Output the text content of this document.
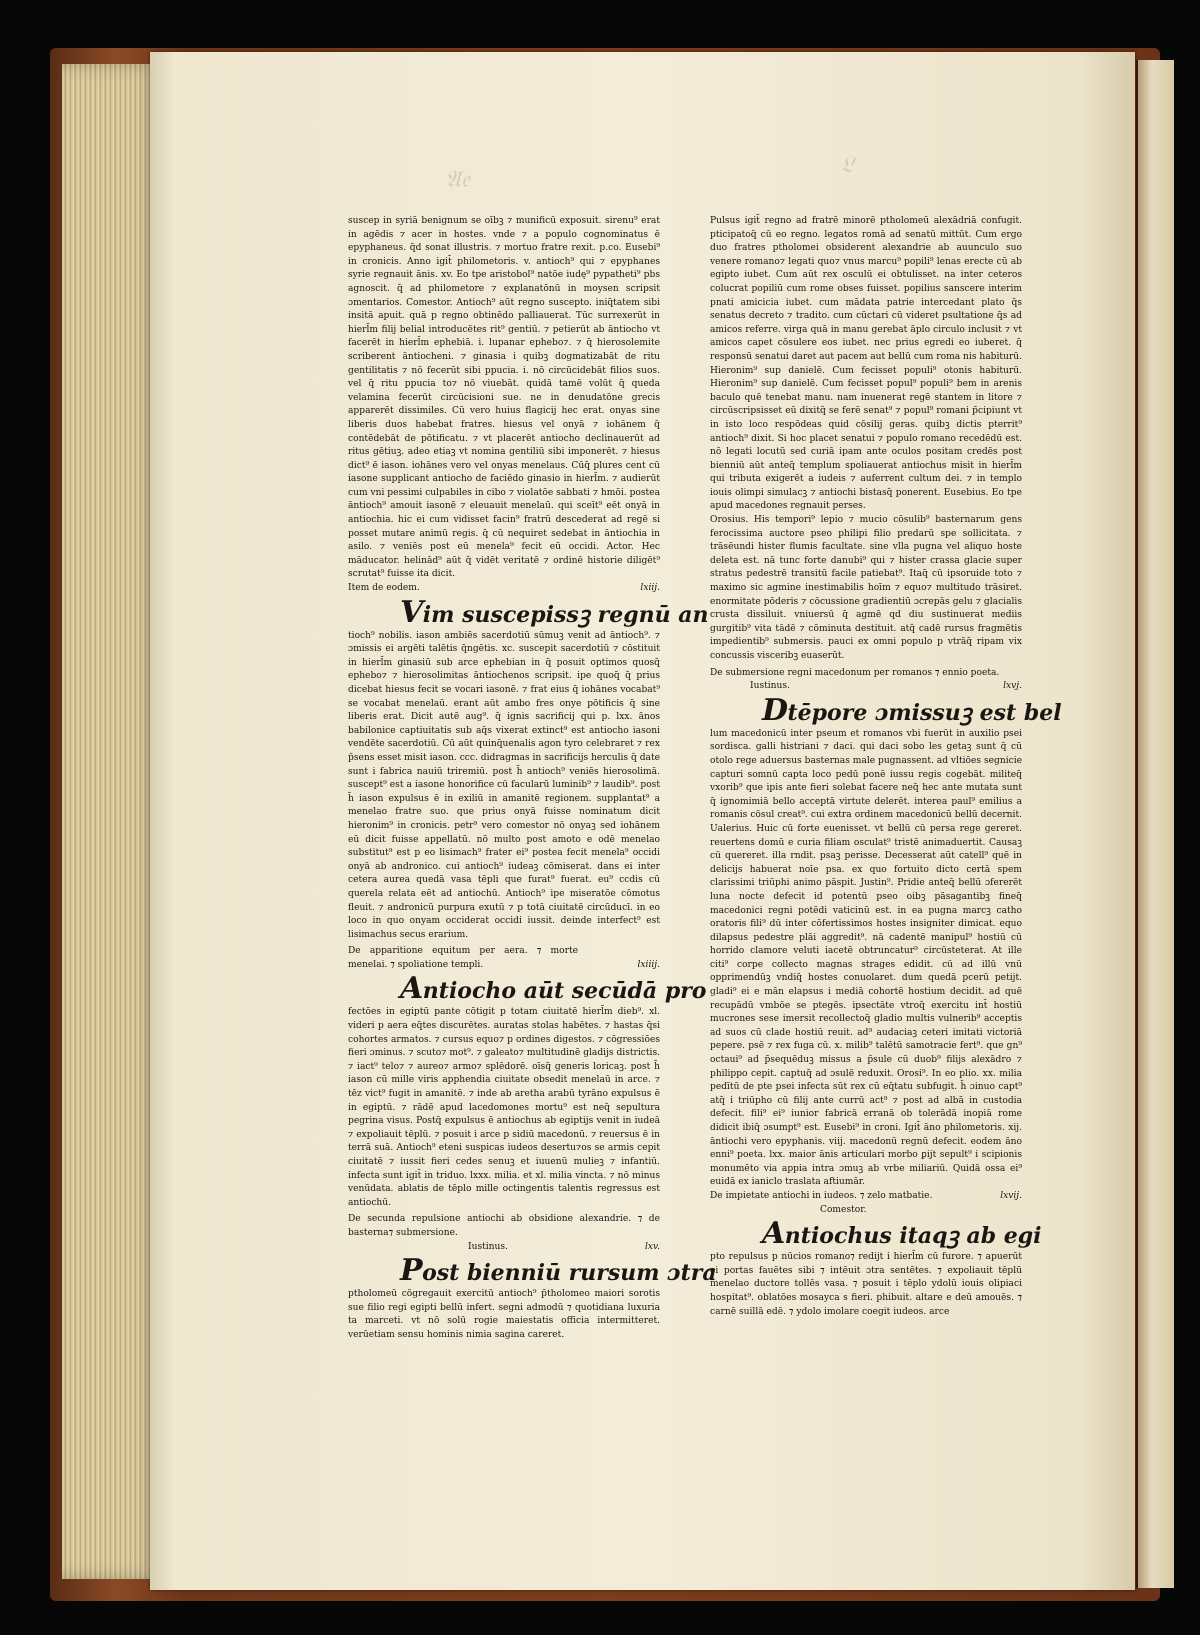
𝔄𝔢
𝔏

suscep in syriā benignum se oībꝫ ⁊ munificū exposuit. sirenu⁹ erat in agēdis ⁊ acer in hostes. vnde ⁊ a populo cognominatus ē epyphaneus. q̄d sonat illustris. ⁊ mortuo fratre rexit. p.co. Eusebi⁹ in cronicis. Anno igit̄ philometoris. v. antioch⁹ qui ⁊ epyphanes syrie regnauit ānis. xv. Eo tpe aristobol⁹ natōe iudę⁹ pypatheti⁹ pbs agnoscit. q̄ ad philometore ⁊ explanatōnū in moysen scripsit ɔmentarios. Comestor. Antioch⁹ aūt regno suscepto. iniq̄tatem sibi insitā apuit. quā p regno obtinēdo palliauerat. Tūc surrexerūt in hierl̄m filij belial introducētes rit⁹ gentiū. ⁊ petierūt ab āntiocho vt facerēt in hierl̄m ephebiā. i. lupanar ephebo⁊. ⁊ q̄ hierosolemite scriberent āntiocheni. ⁊ ginasia i quibꝫ dogmatizabāt de ritu gentilitatis ⁊ nō fecerūt sibi ppucia. i. nō circūcidebāt filios suos. vel q̄ ritu ppucia to⁊ nō viuebāt. quidā tamē volūt q̄ queda velamina fecerūt circūcisioni sue. ne in denudatōne grecis apparerēt dissimiles. Cū vero huius flagicij hec erat. onyas sine liberis duos habebat fratres. hiesus vel onyā ⁊ iohānem q̄ contēdebāt de pōtificatu. ⁊ vt placerēt antiocho declinauerūt ad ritus gētiuꝫ. adeo etiaꝫ vt nomina gentiliū sibi imponerēt. ⁊ hiesus dict⁹ ē iason. iohānes vero vel onyas menelaus. Cūq̄ plures cent cū iasone supplicant antiocho de faciēdo ginasio in hierl̄m. ⁊ audierūt cum vni pessimi culpabiles in cibo ⁊ violatōe sabbati ⁊ hmōi. postea āntioch⁹ amouit iasonē ⁊ eleuauit menelaū. qui sceīt⁹ eēt onyā in antiochia. hic ei cum vidisset facin⁹ fratrū descederat ad regē si posset mutare animū regis. q̄ cū nequiret sedebat in āntiochia in asilo. ⁊ veniēs post eū menela⁹ fecit eū occidi. Actor. Hec māducator. helinād⁹ aūt q̄ vidēt veritatē ⁊ ordinē historie diligēt⁹ scrutat⁹ fuisse ita dicit.

Item de eodem.	lxiij.
V im suscepissꝫ regnū an

tioch⁹ nobilis. iason ambiēs sacerdotiū sūmuꝫ venit ad āntioch⁹. ⁊ ɔmissis ei argēti talētis q̄ngētis. xc. suscepit sacerdotiū ⁊ cōstituit in hierl̄m ginasiū sub arce ephebian in q̄ posuit optimos quosq̄ ephebo⁊ ⁊ hierosolimitas āntiochenos scripsit. ipe quoq̄ q̄ prius dicebat hiesus fecit se vocari iasonē. ⁊ frat eius q̄ iohānes vocabat⁹ se vocabat menelaū. erant aūt ambo fres onye pōtificis q̄ sine liberis erat. Dicit autē aug⁹. q̄ ignis sacrificij qui p. lxx. ānos babilonice captiuitatis sub aq̄s vixerat extinct⁹ est antiocho iasoni vendēte sacerdotiū. Cū aūt quinq̄uenalis agon tyro celebraret ⁊ rex p̄sens esset misit iason. ccc. didragmas in sacrificijs herculis q̄ date sunt i fabrica nauiū triremiū. post h̄ antioch⁹ veniēs hierosolimā. suscept⁹ est a iasone honorifice cū facularū luminib⁹ ⁊ laudib⁹. post h̄ iason expulsus ē in exiliū in amanitē regionem. supplantat⁹ a menelao fratre suo. que prius onyā fuisse nominatum dicit hieronim⁹ in cronicis. petr⁹ vero comestor nō onyaꝫ sed iohānem eū dicit fuisse appellatū. nō multo post amoto e odē menelao substitut⁹ est p eo lisimach⁹ frater ei⁹ postea fecit menela⁹ occidi onyā ab andronico. cui antioch⁹ iudeaꝫ cōmiserat. dans ei inter cetera aurea quedā vasa tēpli que furat⁹ fuerat. eu⁹ ccdis cū querela relata eēt ad antiochū. Antioch⁹ ipe miseratōe cōmotus fleuit. ⁊ andronicū purpura exutū ⁊ p totā ciuitatē circūducī. in eo loco in quo onyam occiderat occidi iussit. deinde interfect⁹ est lisimachus secus erarium.

De apparitione equitum per aera. ⁊ morte menelai. ⁊ spoliatione templi.	lxiiij.
A ntiocho aūt secūdā pro

fectōes in egiptū pante cōtigit p totam ciuitatē hierl̄m dieb⁹. xl. videri p aera eq̄tes discurētes. auratas stolas habētes. ⁊ hastas q̄si cohortes armatos. ⁊ cursus equo⁊ p ordines digestos. ⁊ cōgressiōes fieri ɔminus. ⁊ scuto⁊ mot⁹. ⁊ galeato⁊ multitudinē gladijs districtis. ⁊ iact⁹ telo⁊ ⁊ aureo⁊ armo⁊ splēdorē. oīsq̄ generis loricaꝫ. post h̄ iason cū mille viris apphendia ciuitate obsedit menelaū in arce. ⁊ tēz vict⁹ fugit in amanitē. ⁊ inde ab aretha arabū tyrāno expulsus ē in egiptū. ⁊ rādē apud lacedomones mortu⁹ est neq̄ sepultura pegrina visus. Postq̄ expulsus ē antiochus ab egiptijs venit in iudeā ⁊ expoliauit tēplū. ⁊ posuit i arce p sidiū macedonū. ⁊ reuersus ē in terrā suā. Antioch⁹ eteni suspicas iudeos desertu⁊os se armis cepit ciuitatē ⁊ iussit fieri cedes senuꝫ et iuuenū mulieꝫ ⁊ infantiū. infecta sunt igit̄ in triduo. lxxx. milia. et xl. milia vincta. ⁊ nō minus venūdata. ablatis de tēplo mille octingentis talentis regressus est antiochū.

De secunda repulsione antiochi ab obsidione alexandrie. ⁊ de basterna⁊ submersione.

Iustinus.	lxv.
P ost bienniū rursum ɔtra

ptholomeū cōgregauit exercitū antioch⁹ p̄tholomeo maiori sorotis sue filio regi egipti bellū infert. segni admodū ⁊ quotidiana luxuria ta marceti. vt nō solū rogie maiestatis officia intermitteret. verūetiam sensu hominis nimia sagina careret.

Pulsus igit̄ regno ad fratrē minorē ptholomeū alexādriā confugit. pticipatoq̄ cū eo regno. legatos romā ad senatū mittūt. Cum ergo duo fratres ptholomei obsiderent alexandrie ab auunculo suo venere romano⁊ legati quo⁊ vnus marcu⁹ popili⁹ lenas erecte cū ab egipto iubet. Cum aūt rex osculū ei obtulisset. na inter ceteros colucrat popiliū cum rome obses fuisset. popilius sanscere interim pnati amicicia iubet. cum mādata patrie intercedant plato q̄s senatus decreto ⁊ tradito. cum cūctari cū videret psultatione q̄s ad amicos referre. virga quā in manu gerebat āplo circulo inclusit ⁊ vt amicos capet cōsulere eos iubet. nec prius egredi eo iuberet. q̄ responsū senatui daret aut pacem aut bellū cum roma nis habiturū. Hieronim⁹ sup danielē. Cum fecisset populi⁹ otonis habiturū. Hieronim⁹ sup danielē. Cum fecisset popul⁹ populi⁹ bem in arenis baculo quē tenebat manu. nam inuenerat regē stantem in litore ⁊ circūscripsisset eū dixitq̄ se ferē senat⁹ ⁊ popul⁹ romani p̄cipiunt vt in isto loco respōdeas quid cōsilij geras. quibꝫ dictis pterrit⁹ antioch⁹ dixit. Si hoc placet senatui ⁊ populo romano recedēdū est. nō legati locutū sed curiā ipam ante oculos positam credēs post bienniū aūt anteq̄ templum spoliauerat antiochus misit in hierl̄m qui tributa exigerēt a iudeis ⁊ auferrent cultum dei. ⁊ in templo iouis olimpi simulacꝫ ⁊ antiochi bistasq̄ ponerent. Eusebius. Eo tpe apud macedones regnauit perses.

Orosius. His tempori⁹ lepio ⁊ mucio cōsulib⁹ basternarum gens ferocissima auctore pseo philipi filio predarū spe sollicitata. ⁊ trāsēundi hister flumis facultate. sine vlla pugna vel aliquo hoste deleta est. nā tunc forte danubi⁹ qui ⁊ hister crassa glacie super stratus pedestrē transitū facile patiebat⁹. Itaq̄ cū ipsoruide toto ⁊ maximo sic agmine inestimabilis hoīm ⁊ equo⁊ multitudo trāsiret. enormitate pōderis ⁊ cōcussione gradientiū ɔcrepās gelu ⁊ glacialis crusta dissiluit. vniuersū q̄ agmē qd diu sustinuerat mediis gurgitib⁹ vita tādē ⁊ cōminuta destituit. atq̄ cadē rursus fragmētis impedientib⁹ submersis. pauci ex omni populo p vtrāq̄ ripam vix concussis visceribꝫ euaserūt.

De submersione regni macedonum per romanos ⁊ ennio poeta.

Iustinus.	lxvj.
D tēpore ɔmissuꝫ est bel

lum macedonicū inter pseum et romanos vbi fuerūt in auxilio psei sordisca. galli histriani ⁊ daci. qui daci sobo les getaꝫ sunt q̄ cū otolo rege aduersus basternas male pugnassent. ad vltiōes segnicie capturi somnū capta loco pedū ponē iussu regis cogebāt. militeq̄ vxorib⁹ que ipis ante fieri solebat facere neq̄ hec ante mutata sunt q̄ ignomimiā bello acceptā virtute delerēt. interea paul⁹ emilius a romanis cōsul creat⁹. cui extra ordinem macedonicū bellū decernit. Ualerius. Huic cū forte euenisset. vt bellū cū persa rege gereret. reuertens domū e curia filiam osculat⁹ tristē animaduertit. Causaꝫ cū quereret. illa rndit. psaꝫ perisse. Decesserat aūt catell⁹ quē in delicijs habuerat noīe psa. ex quo fortuito dicto certā spem clarissimi triūphi animo pāspit. Justin⁹. Pridie anteq̄ bellū ɔfererēt luna nocte defecit id potentū pseo oibꝫ pāsagantibꝫ fineq̄ macedonici regni potēdi vaticinū est. in ea pugna marcꝫ catho oratoris fili⁹ dū inter cōfertissimos hostes insigniter dimicat. equo dilapsus pedestre plāi aggredit⁹. nā cadentē manipul⁹ hostiū cū horrido clamore veluti iacetē obtruncatur⁹ circūsteterat. At ille citi⁹ corpe collecto magnas strages edidit. cū ad illū vnū opprimendūꝫ vndiq̄ hostes conuolaret. dum quedā pcerū petijt. gladi⁹ ei e mān elapsus i mediā cohortē hostium decidit. ad quē recupādū vmbōe se ptegēs. ipsectāte vtroq̄ exercitu int̄ hostiū mucrones sese imersit recollectoq̄ gladio multis vulnerib⁹ acceptis ad suos cū clade hostiū reuit. ad⁹ audaciaꝫ ceteri imitati victoriā pepere. psē ⁊ rex fuga cū. x. milib⁹ talētū samotracie fert⁹. que gn⁹ octaui⁹ ad p̄sequēduꝫ missus a p̄sule cū duob⁹ filijs alexādro ⁊ philippo cepit. captuq̄ ad ɔsulē reduxit. Orosi⁹. In eo plio. xx. milia pedītū de pte psei infecta sūt rex cū eq̄tatu subfugit. h̄ ɔinuo capt⁹ atq̄ i triūpho cū filij ante currū act⁹ ⁊ post ad albā in custodia defecit. fili⁹ ei⁹ iunior fabricā erranā ob tolerādā inopiā rome didicit ibiq̄ ɔsumpt⁹ est. Eusebi⁹ in croni. Igit̄ āno philometoris. xij. āntiochi vero epyphanis. viij. macedonū regnū defecit. eodem āno enni⁹ poeta. lxx. maior ānis articulari morbo ꝑijt sepult⁹ i scipionis monumēto via appia intra ɔmuꝫ ab vrbe miliariū. Quidā ossa ei⁹ euidā ex ianiclo traslata aftiumār.

De impietate antiochi in iudeos. ⁊ zelo matbatie.	lxvij.
Comestor.
A ntiochus itaqꝫ ab egi

pto repulsus p nūcios romano⁊ redijt i hierl̄m cū furore. ⁊ apuerūt ei portas fauētes sibi ⁊ intēuit ɔtra sentētes. ⁊ expoliauit tēplū menelao ductore tollēs vasa. ⁊ posuit i tēplo ydolū iouis olipiaci hospitat⁹. oblatōes mosayca s fieri. phibuit. altare e deū amouēs. ⁊ carnē suillā edē. ⁊ ydolo imolare coegit iudeos. arce
